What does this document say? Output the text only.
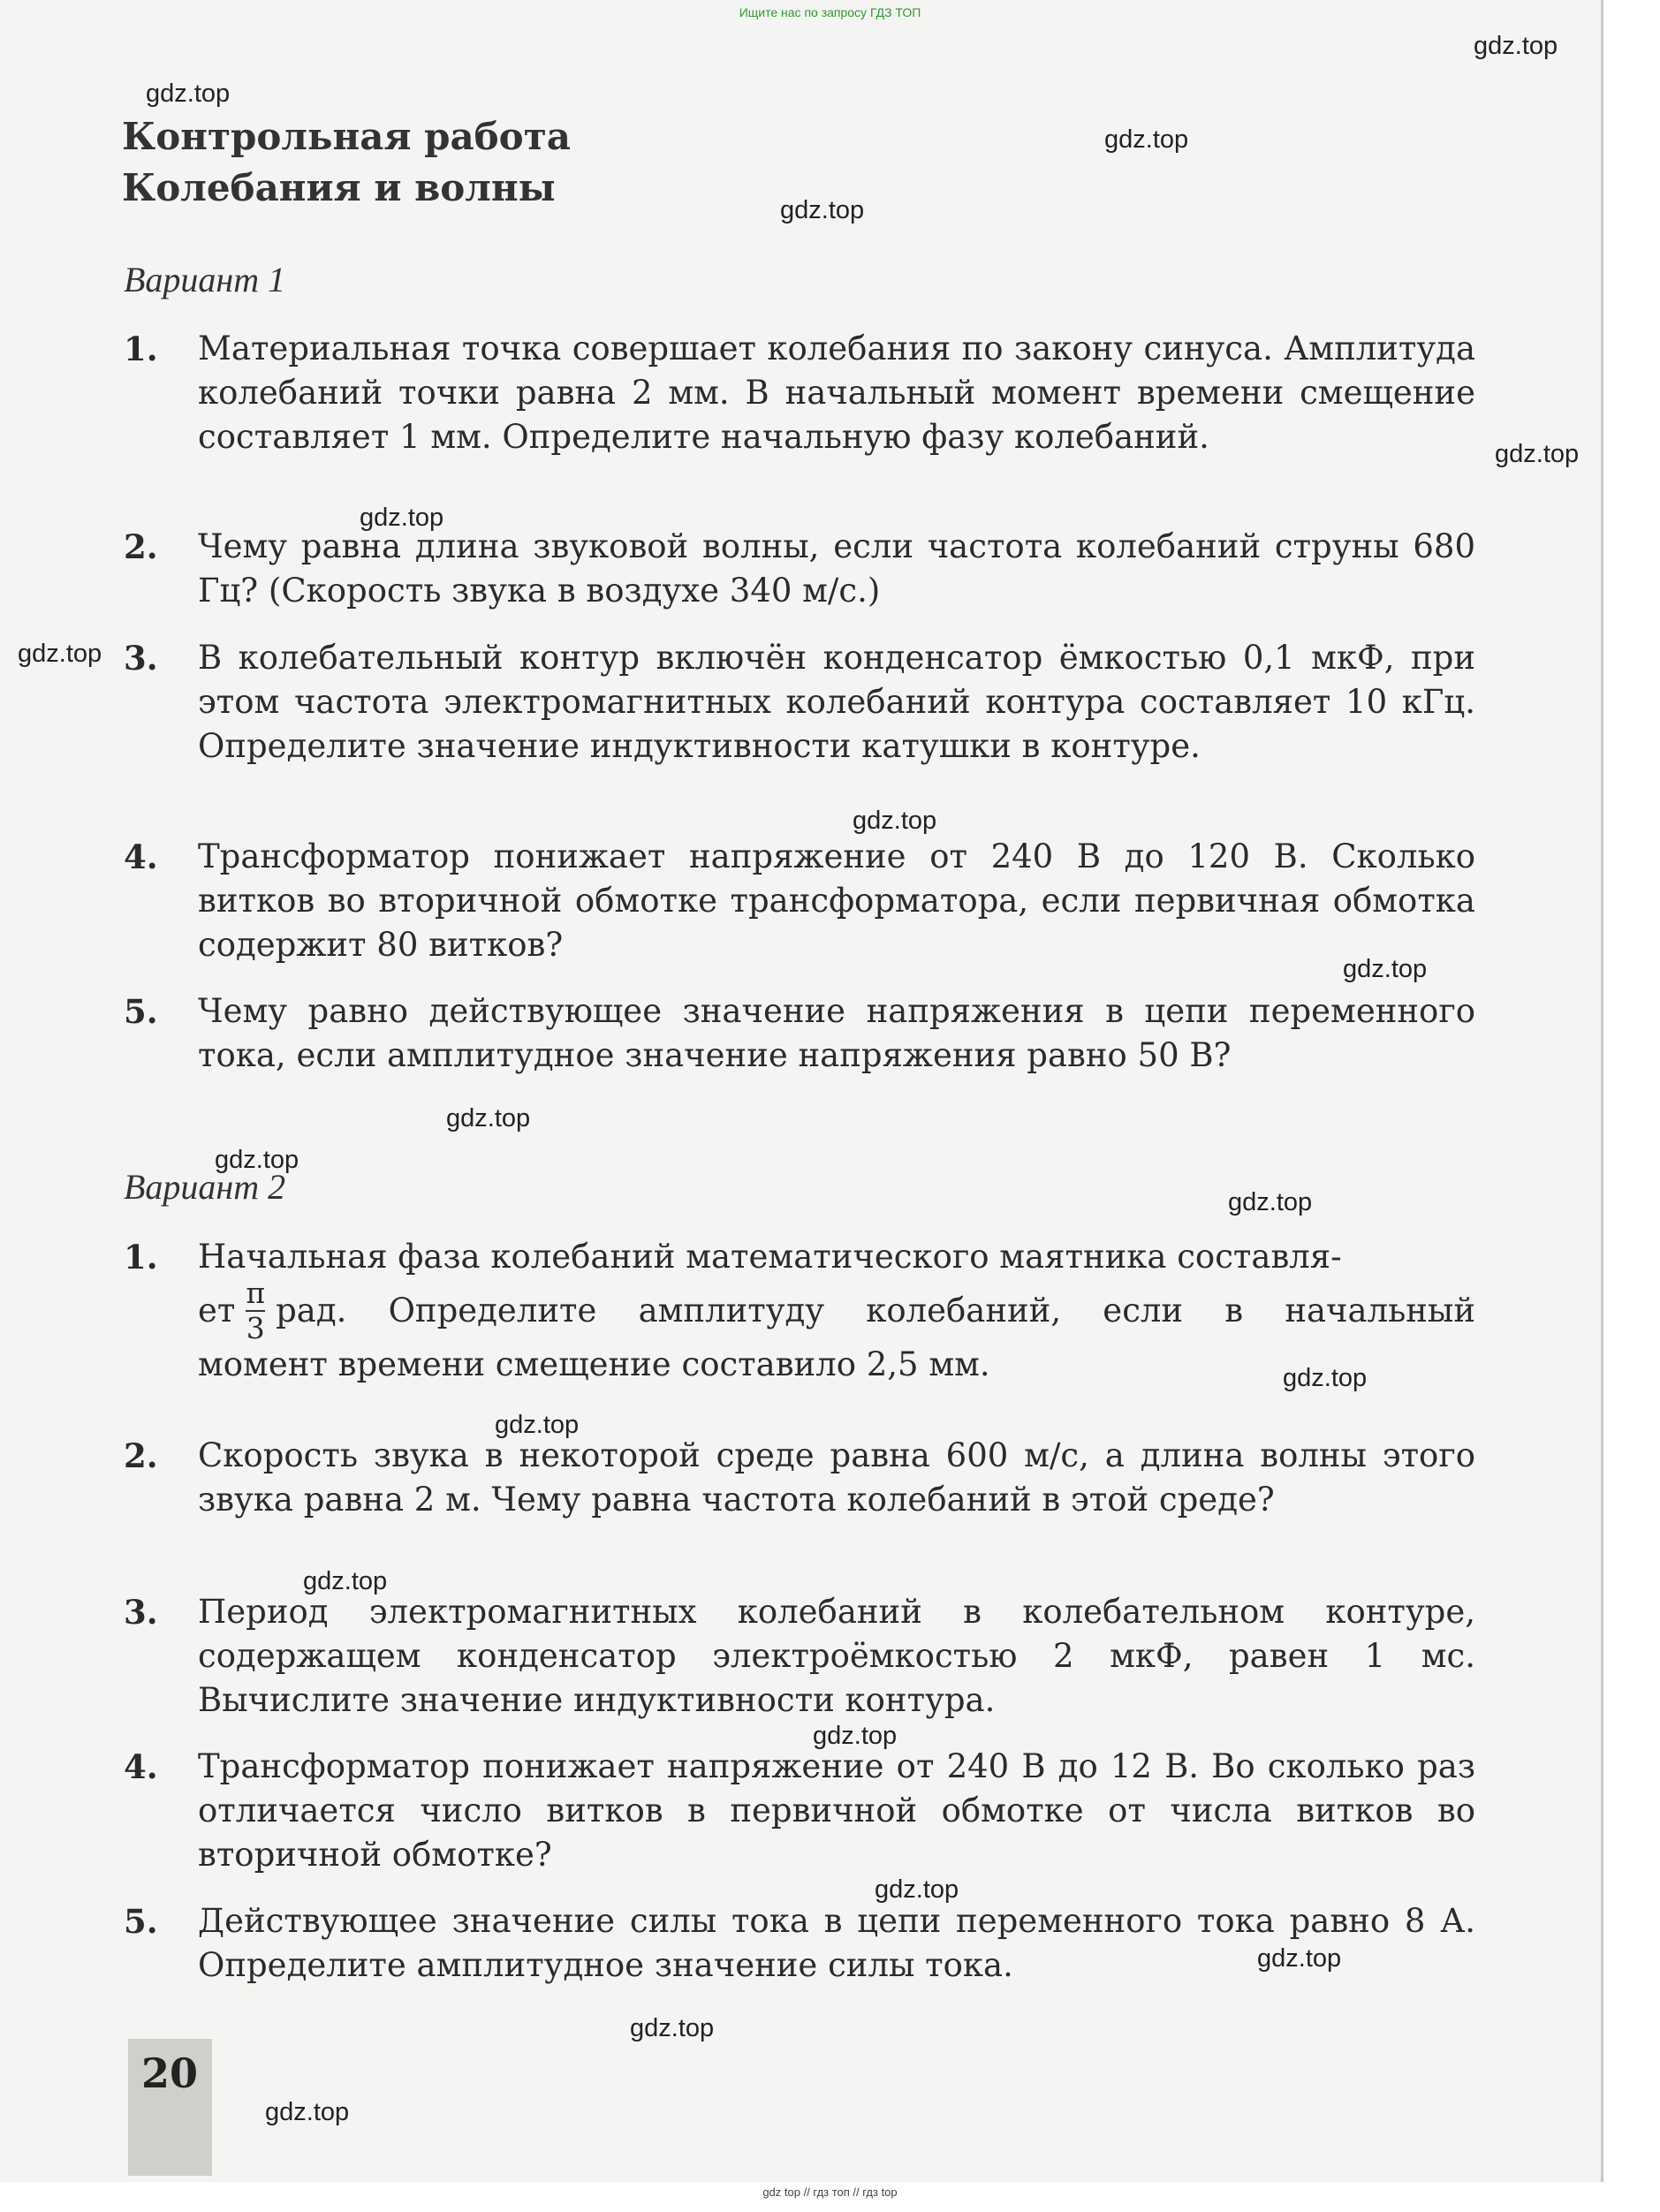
Ищите нас по запросу ГДЗ ТОП
Контрольная работа
Колебания и волны
Вариант 1
1. Материальная точка совершает колебания по закону синуса. Амплитуда колебаний точки равна 2 мм. В начальный момент времени смещение составляет 1 мм. Определите начальную фазу колебаний.
2. Чему равна длина звуковой волны, если частота колебаний струны 680 Гц? (Скорость звука в воздухе 340 м/с.)
3. В колебательный контур включён конденсатор ёмкостью 0,1 мкФ, при этом частота электромагнитных колебаний контура составляет 10 кГц. Определите значение индуктивности катушки в контуре.
4. Трансформатор понижает напряжение от 240 В до 120 В. Сколько витков во вторичной обмотке трансформатора, если первичная обмотка содержит 80 витков?
5. Чему равно действующее значение напряжения в цепи переменного тока, если амплитудное значение напряжения равно 50 В?
Вариант 2
1. Начальная фаза колебаний математического маятника составля-
ет $\frac{\pi}{3}$ рад. Определите амплитуду колебаний, если в начальный
момент времени смещение составило 2,5 мм.
2. Скорость звука в некоторой среде равна 600 м/с, а длина волны этого звука равна 2 м. Чему равна частота колебаний в этой среде?
3. Период электромагнитных колебаний в колебательном контуре, содержащем конденсатор электроёмкостью 2 мкФ, равен 1 мс. Вычислите значение индуктивности контура.
4. Трансформатор понижает напряжение от 240 В до 12 В. Во сколько раз отличается число витков в первичной обмотке от числа витков во вторичной обмотке?
5. Действующее значение силы тока в цепи переменного тока равно 8 А. Определите амплитудное значение силы тока.
20
gdz.top
gdz.top
gdz.top
gdz.top
gdz.top
gdz.top
gdz.top
gdz.top
gdz.top
gdz.top
gdz.top
gdz.top
gdz.top
gdz.top
gdz.top
gdz.top
gdz.top
gdz.top
gdz.top
gdz.top
gdz top // гдз топ // гдз top
